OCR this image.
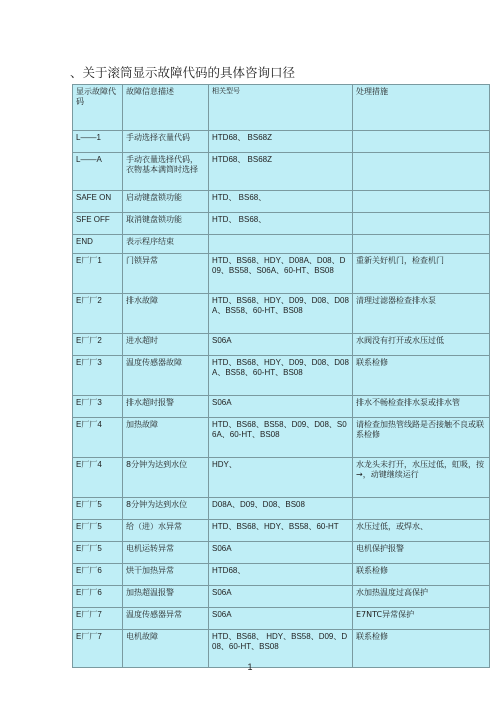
、关于滚筒显示故障代码的具体咨询口径
显示故障代码	故障信息描述	相关型号	处理措施
L——1	手动选择衣量代码	HTD68、 BS68Z	
L——A	手动衣量选择代码，衣物基本满筒时选择	HTD68、 BS68Z	
SAFE ON	启动键盘锁功能	HTD、 BS68、	
SFE OFF	取消键盘锁功能	HTD、 BS68、	
END	表示程序结束		
E厂厂1	门锁异常	HTD、BS68、HDY、D08A、D08、D09、BS58、S06A、60-HT、BS08	重新关好机门，检查机门
E厂厂2	排水故障	HTD、BS68、HDY、D09、D08、D08A、BS58、60-HT、BS08	清理过滤器检查排水泵
E厂厂2	进水超时	S06A	水阀没有打开或水压过低
E厂厂3	温度传感器故障	HTD、BS68、HDY、D09、D08、D08A、BS58、60-HT、BS08	联系检修
E厂厂3	排水超时报警	S06A	排水不畅检查排水泵或排水管
E厂厂4	加热故障	HTD、BS68、BS58、D09、D08、S06A、60-HT、BS08	请检查加热管线路是否接触不良或联系检修
E厂厂4	8分钟为达到水位	HDY、	水龙头未打开，水压过低，虹吸，按→，动键继续运行
E厂厂5	8分钟为达到水位	D08A、D09、D08、BS08	
E厂厂5	给（进）水异常	HTD、BS68、HDY、BS58、60-HT	水压过低，或焊水、
E厂厂5	电机运转异常	S06A	电机保护报警
E厂厂6	烘干加热异常	HTD68、	联系检修
E厂厂6	加热超温报警	S06A	水加热温度过高保护
E厂厂7	温度传感器异常	S06A	E7NTC异常保护
E厂厂7	电机故障	HTD、BS68、 HDY、BS58、D09、D08、60-HT、BS08	联系检修
1
